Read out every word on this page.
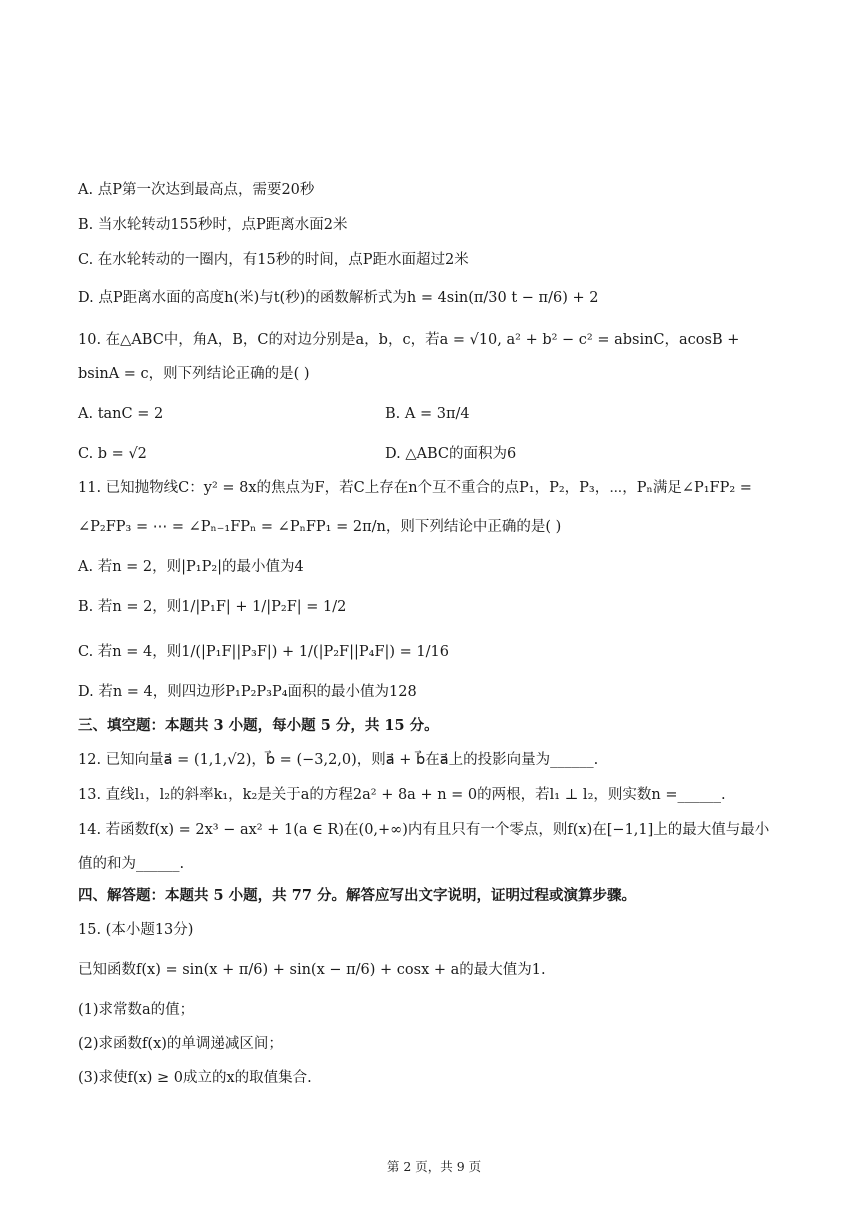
A. 点P第一次达到最高点，需要20秒
B. 当水轮转动155秒时，点P距离水面2米
C. 在水轮转动的一圈内，有15秒的时间，点P距水面超过2米
D. 点P距离水面的高度h(米)与t(秒)的函数解析式为h = 4sin(π/30 t − π/6) + 2
10. 在△ABC中，角A，B，C的对边分别是a，b，c，若a = √10, a² + b² − c² = absinC，acosB +
bsinA = c，则下列结论正确的是( )
A. tanC = 2	B. A = 3π/4
C. b = √2	D. △ABC的面积为6
11. 已知抛物线C：y² = 8x的焦点为F，若C上存在n个互不重合的点P₁，P₂，P₃，⋯，Pₙ满足∠P₁FP₂ =
∠P₂FP₃ = ⋯ = ∠Pₙ₋₁FPₙ = ∠PₙFP₁ = 2π/n，则下列结论中正确的是( )
A. 若n = 2，则|P₁P₂|的最小值为4
B. 若n = 2，则1/|P₁F| + 1/|P₂F| = 1/2
C. 若n = 4，则1/(|P₁F||P₃F|) + 1/(|P₂F||P₄F|) = 1/16
D. 若n = 4，则四边形P₁P₂P₃P₄面积的最小值为128
三、填空题：本题共 3 小题，每小题 5 分，共 15 分。
12. 已知向量a⃗ = (1,1,√2)，b⃗ = (−3,2,0)，则a⃗ + b⃗在a⃗上的投影向量为______.
13. 直线l₁，l₂的斜率k₁，k₂是关于a的方程2a² + 8a + n = 0的两根，若l₁ ⊥ l₂，则实数n =______.
14. 若函数f(x) = 2x³ − ax² + 1(a ∈ R)在(0,+∞)内有且只有一个零点，则f(x)在[−1,1]上的最大值与最小
值的和为______.
四、解答题：本题共 5 小题，共 77 分。解答应写出文字说明，证明过程或演算步骤。
15. (本小题13分)
已知函数f(x) = sin(x + π/6) + sin(x − π/6) + cosx + a的最大值为1.
(1)求常数a的值；
(2)求函数f(x)的单调递减区间；
(3)求使f(x) ≥ 0成立的x的取值集合.
第 2 页，共 9 页
